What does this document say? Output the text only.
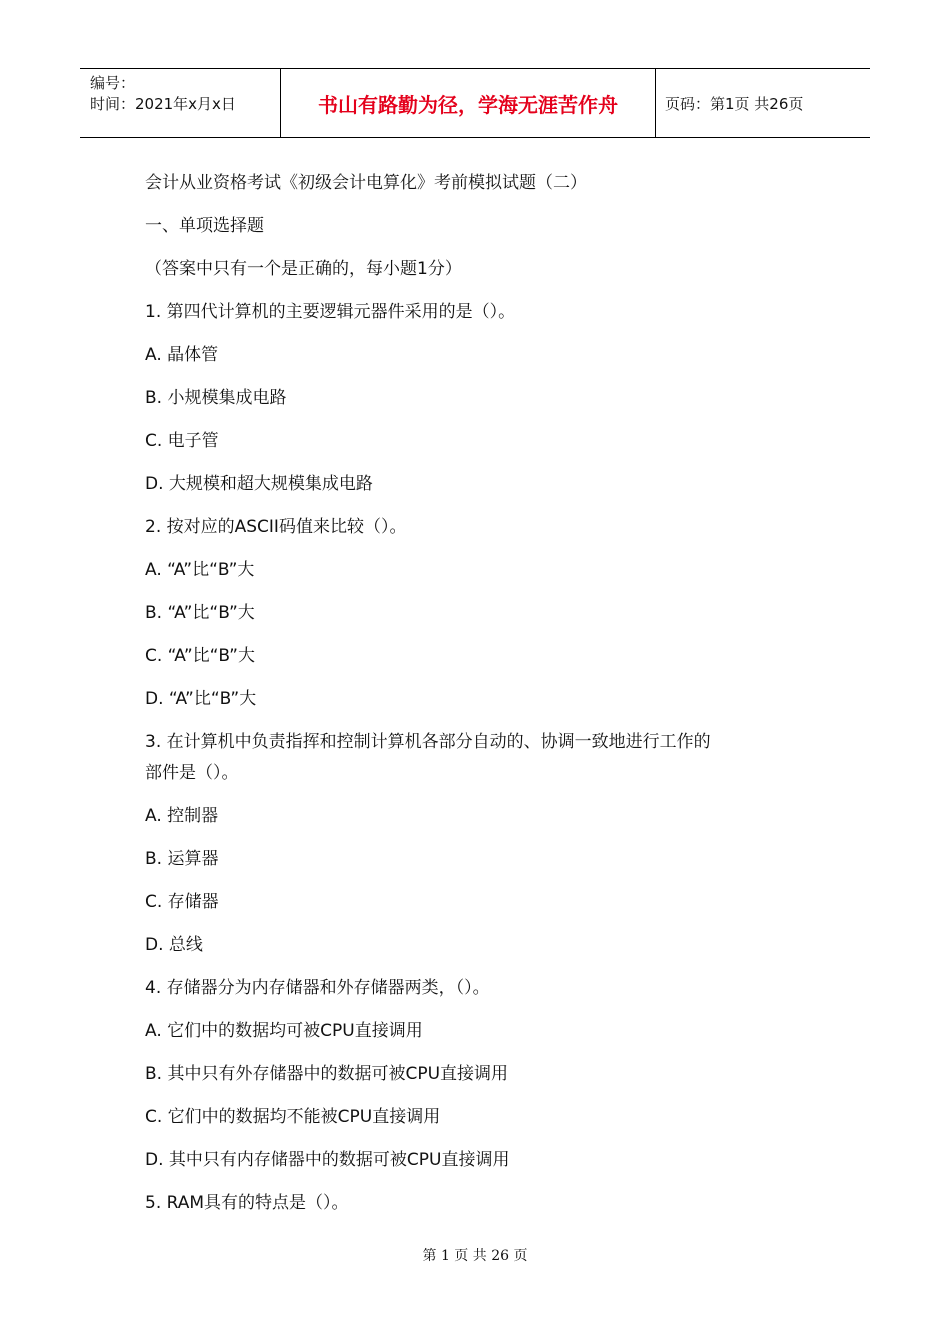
编号：
时间：2021年x月x日	书山有路勤为径，学海无涯苦作舟	页码：第1页 共26页

会计从业资格考试《初级会计电算化》考前模拟试题（二）

一、单项选择题

（答案中只有一个是正确的，每小题1分）

1. 第四代计算机的主要逻辑元器件采用的是（）。

A. 晶体管

B. 小规模集成电路

C. 电子管

D. 大规模和超大规模集成电路

2. 按对应的ASCII码值来比较（）。

A. “A”比“B”大

B. “A”比“B”大

C. “A”比“B”大

D. “A”比“B”大

3. 在计算机中负责指挥和控制计算机各部分自动的、协调一致地进行工作的

部件是（）。

A. 控制器

B. 运算器

C. 存储器

D. 总线

4. 存储器分为内存储器和外存储器两类，（）。

A. 它们中的数据均可被CPU直接调用

B. 其中只有外存储器中的数据可被CPU直接调用

C. 它们中的数据均不能被CPU直接调用

D. 其中只有内存储器中的数据可被CPU直接调用

5. RAM具有的特点是（）。

第 1 页 共 26 页
